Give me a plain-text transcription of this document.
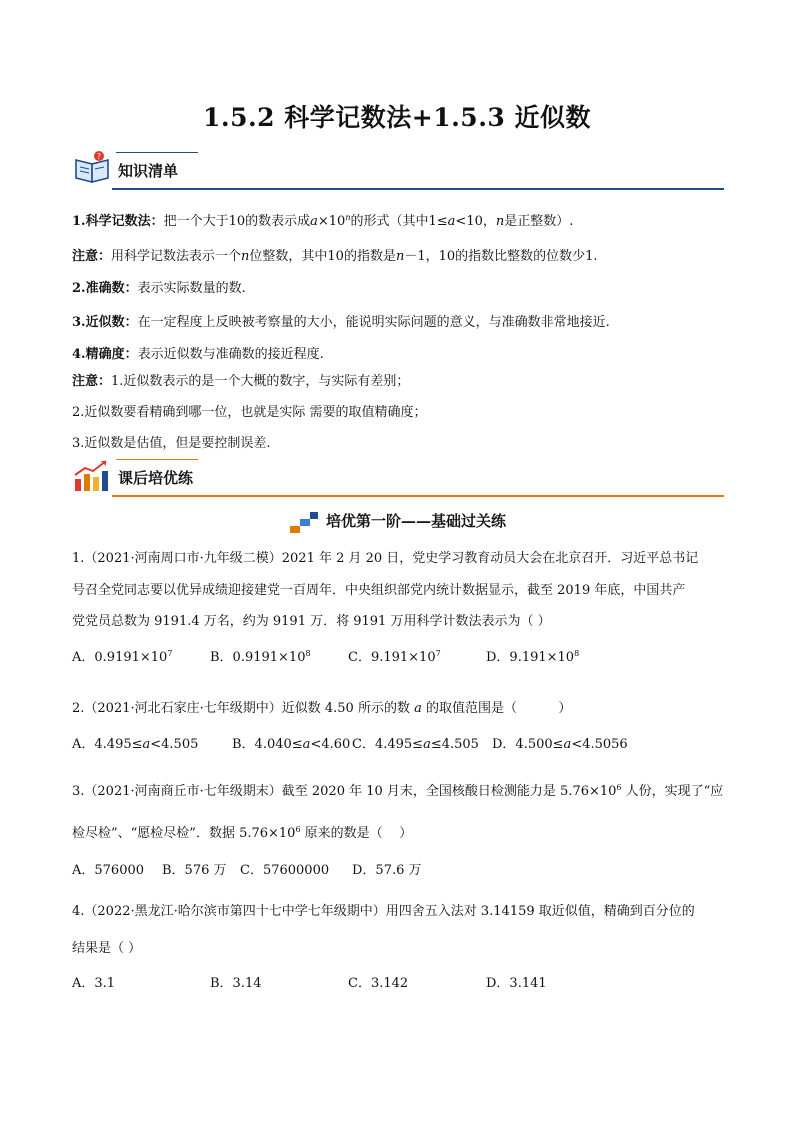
1.5.2 科学记数法+1.5.3 近似数
?
知识清单
1.科学记数法：把一个大于10的数表示成$a\times 10^n$的形式（其中1≤a<10，n是正整数）.
注意：用科学记数法表示一个n位整数，其中10的指数是n－1，10的指数比整数的位数少1.
2.准确数：表示实际数量的数.
3.近似数：在一定程度上反映被考察量的大小，能说明实际问题的意义，与准确数非常地接近.
4.精确度：表示近似数与准确数的接近程度.
注意：1.近似数表示的是一个大概的数字，与实际有差别；
2.近似数要看精确到哪一位，也就是实际 需要的取值精确度；
3.近似数是估值，但是要控制误差.
课后培优练
培优第一阶——基础过关练
1.（2021·河南周口市·九年级二模）2021 年 2 月 20 日，党史学习教育动员大会在北京召开．习近平总书记
号召全党同志要以优异成绩迎接建党一百周年．中央组织部党内统计数据显示，截至 2019 年底，中国共产
党党员总数为 9191.4 万名，约为 9191 万．将 9191 万用科学计数法表示为（ ）
A．$0.9191\times 10^7$	B．$0.9191\times 10^8$	C．$9.191\times 10^7$	D．$9.191\times 10^8$
2.（2021·河北石家庄·七年级期中）近似数 4.50 所示的数 a 的取值范围是（          ）
A．4.495≤a<4.505	B．4.040≤a<4.60 C．4.495≤a≤4.505 D．4.500≤a<4.5056
3.（2021·河南商丘市·七年级期末）截至 2020 年 10 月末，全国核酸日检测能力是 $5.76\times 10^6$ 人份，实现了“应
检尽检”、“愿检尽检”．数据 $5.76\times 10^6$ 原来的数是（    ）
A．576000 B．576 万 C．57600000 D．57.6 万
4.（2022·黑龙江·哈尔滨市第四十七中学七年级期中）用四舍五入法对 3.14159 取近似值，精确到百分位的
结果是（ ）
A．3.1	B．3.14	C．3.142	D．3.141
